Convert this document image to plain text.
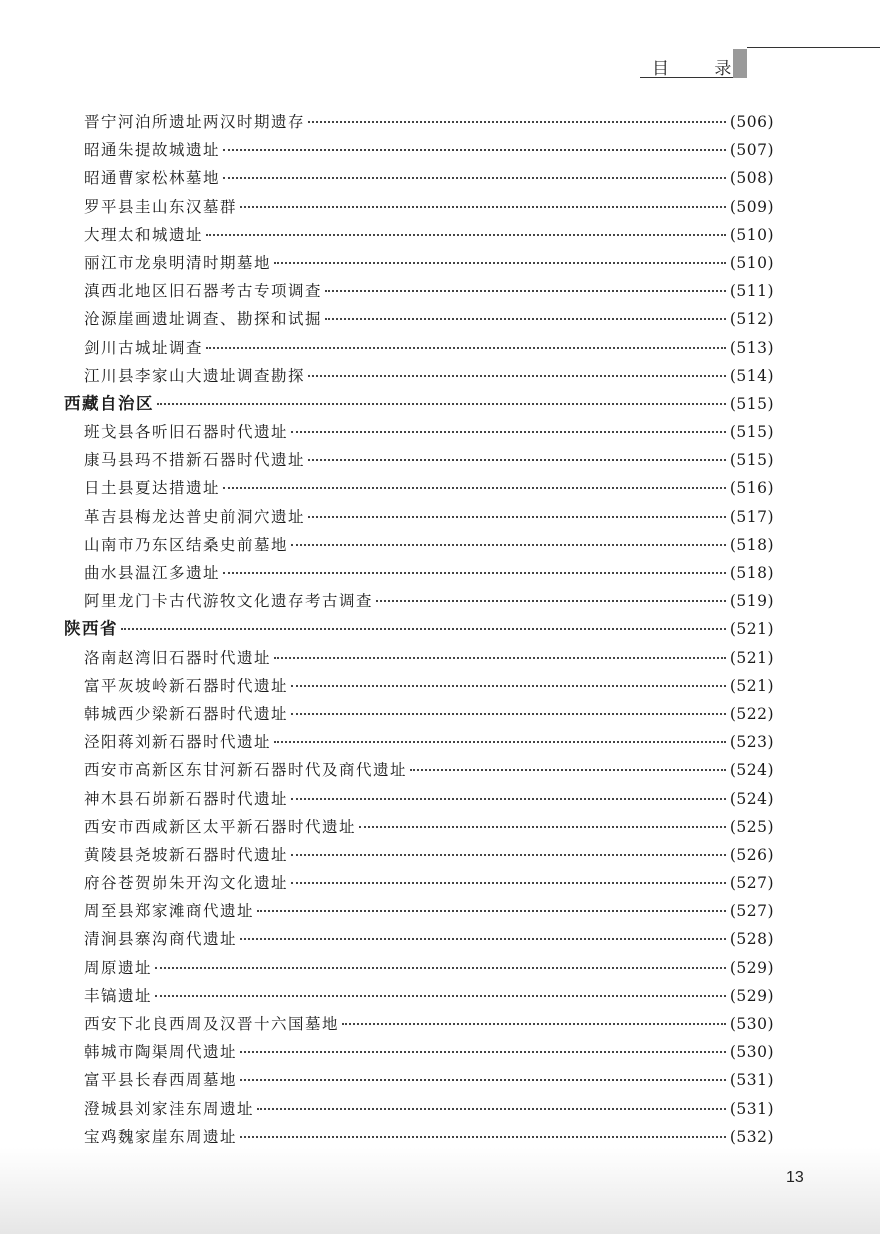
目 录
晋宁河泊所遗址两汉时期遗存	(506)
昭通朱提故城遗址	(507)
昭通曹家松林墓地	(508)
罗平县圭山东汉墓群	(509)
大理太和城遗址	(510)
丽江市龙泉明清时期墓地	(510)
滇西北地区旧石器考古专项调查	(511)
沧源崖画遗址调查、勘探和试掘	(512)
剑川古城址调查	(513)
江川县李家山大遗址调查勘探	(514)
西藏自治区	(515)
班戈县各听旧石器时代遗址	(515)
康马县玛不措新石器时代遗址	(515)
日土县夏达措遗址	(516)
革吉县梅龙达普史前洞穴遗址	(517)
山南市乃东区结桑史前墓地	(518)
曲水县温江多遗址	(518)
阿里龙门卡古代游牧文化遗存考古调查	(519)
陕西省	(521)
洛南赵湾旧石器时代遗址	(521)
富平灰坡岭新石器时代遗址	(521)
韩城西少梁新石器时代遗址	(522)
泾阳蒋刘新石器时代遗址	(523)
西安市高新区东甘河新石器时代及商代遗址	(524)
神木县石峁新石器时代遗址	(524)
西安市西咸新区太平新石器时代遗址	(525)
黄陵县尧坡新石器时代遗址	(526)
府谷苍贺峁朱开沟文化遗址	(527)
周至县郑家滩商代遗址	(527)
清涧县寨沟商代遗址	(528)
周原遗址	(529)
丰镐遗址	(529)
西安下北良西周及汉晋十六国墓地	(530)
韩城市陶渠周代遗址	(530)
富平县长春西周墓地	(531)
澄城县刘家洼东周遗址	(531)
宝鸡魏家崖东周遗址	(532)
13
